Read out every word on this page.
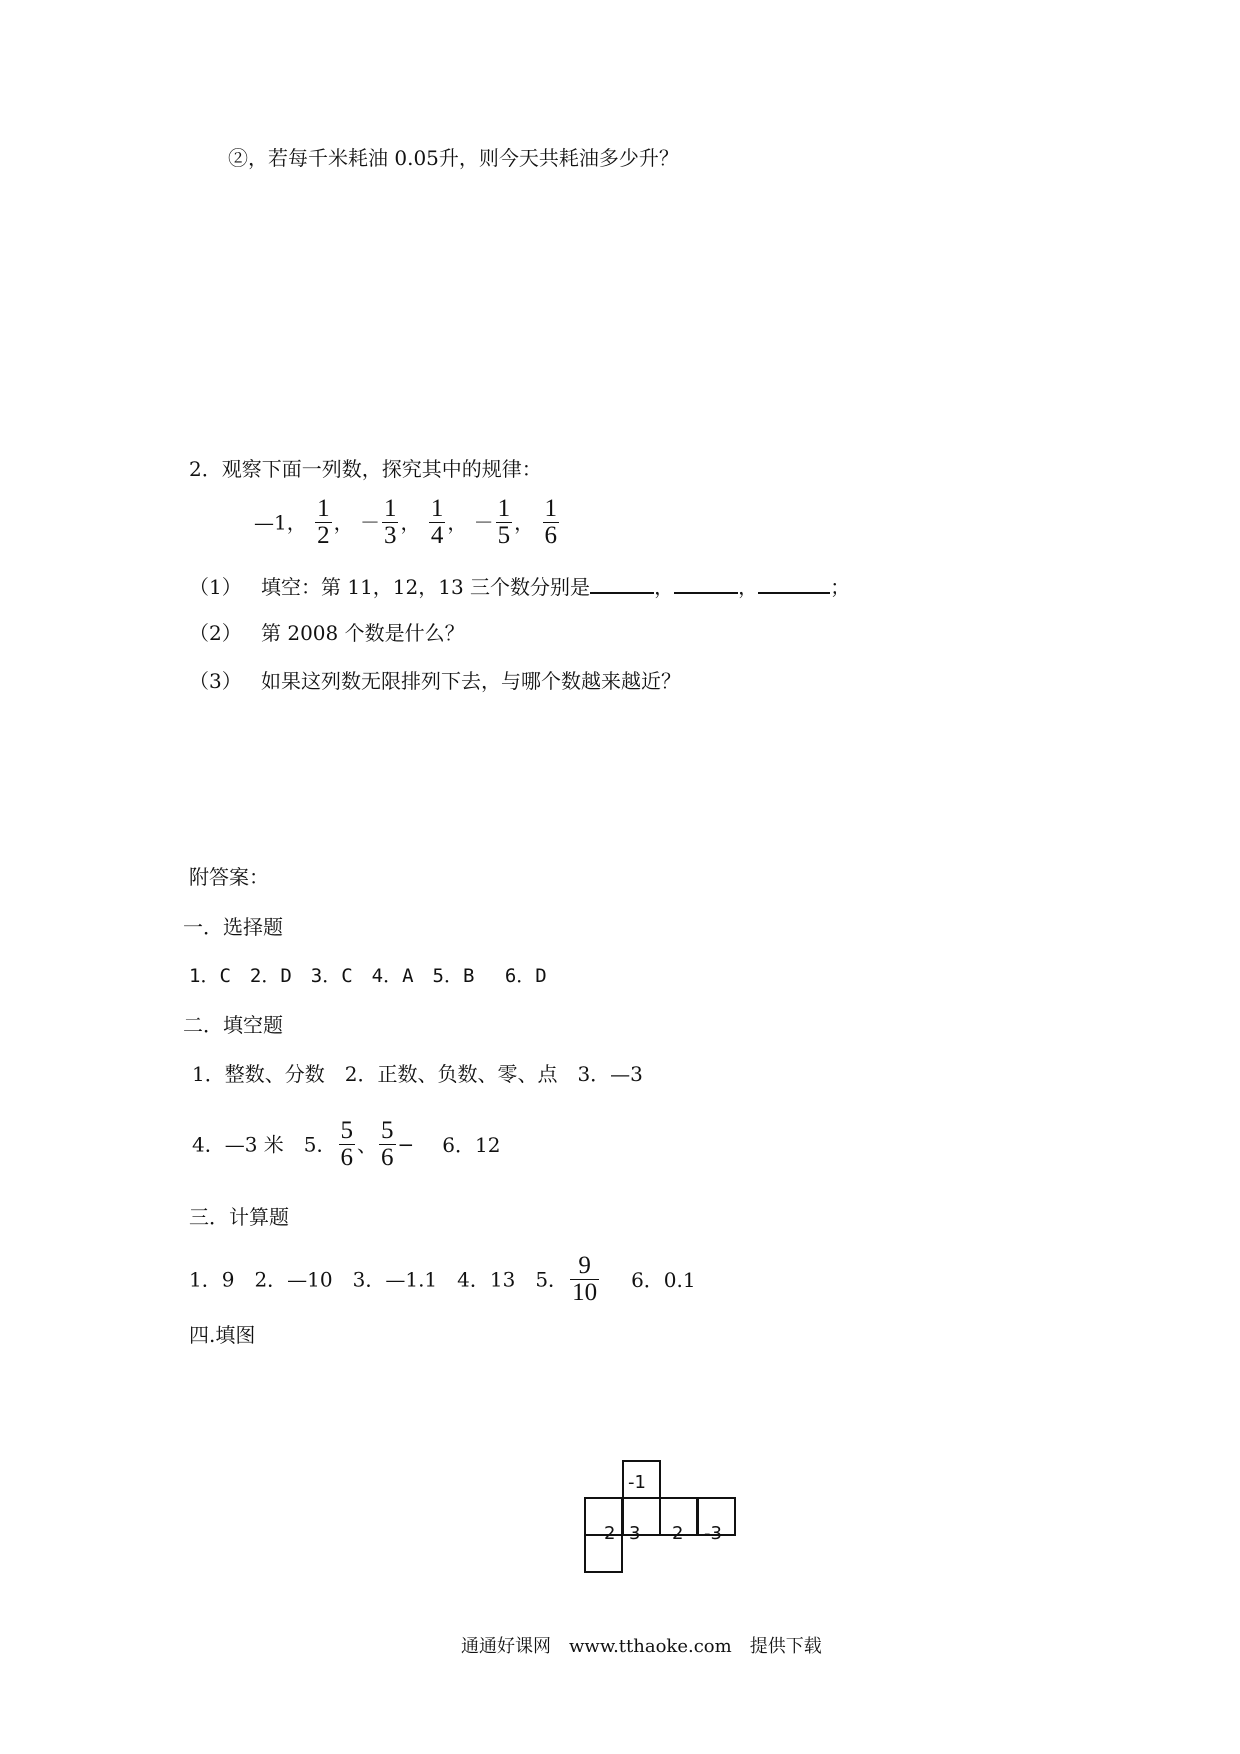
②，若每千米耗油 0.05升，则今天共耗油多少升？
2．观察下面一列数，探究其中的规律：
—1， $\frac{1}{2}$ ， － $\frac{1}{3}$ ， $\frac{1}{4}$ ， － $\frac{1}{5}$ ， $\frac{1}{6}$
（1） 填空：第 11，12，13 三个数分别是	，	，	；
（2） 第 2008 个数是什么？
（3） 如果这列数无限排列下去，与哪个数越来越近？
附答案：
一．选择题
1．C　2．D　3．C　4．A　5．B　 6．D
二．填空题
1．整数、分数　2．正数、负数、零、点　3．—3
4．—3 米　5． $\frac{5}{6}$ 、 $\frac{5}{6} - 6$．12
三．计算题
1．9　2．—10　3．—1.1　4．13　5． $\frac{9}{10} 6$．0.1
四.填图
-1
2 3 2 -3
通通好课网　www.tthaoke.com　提供下载
